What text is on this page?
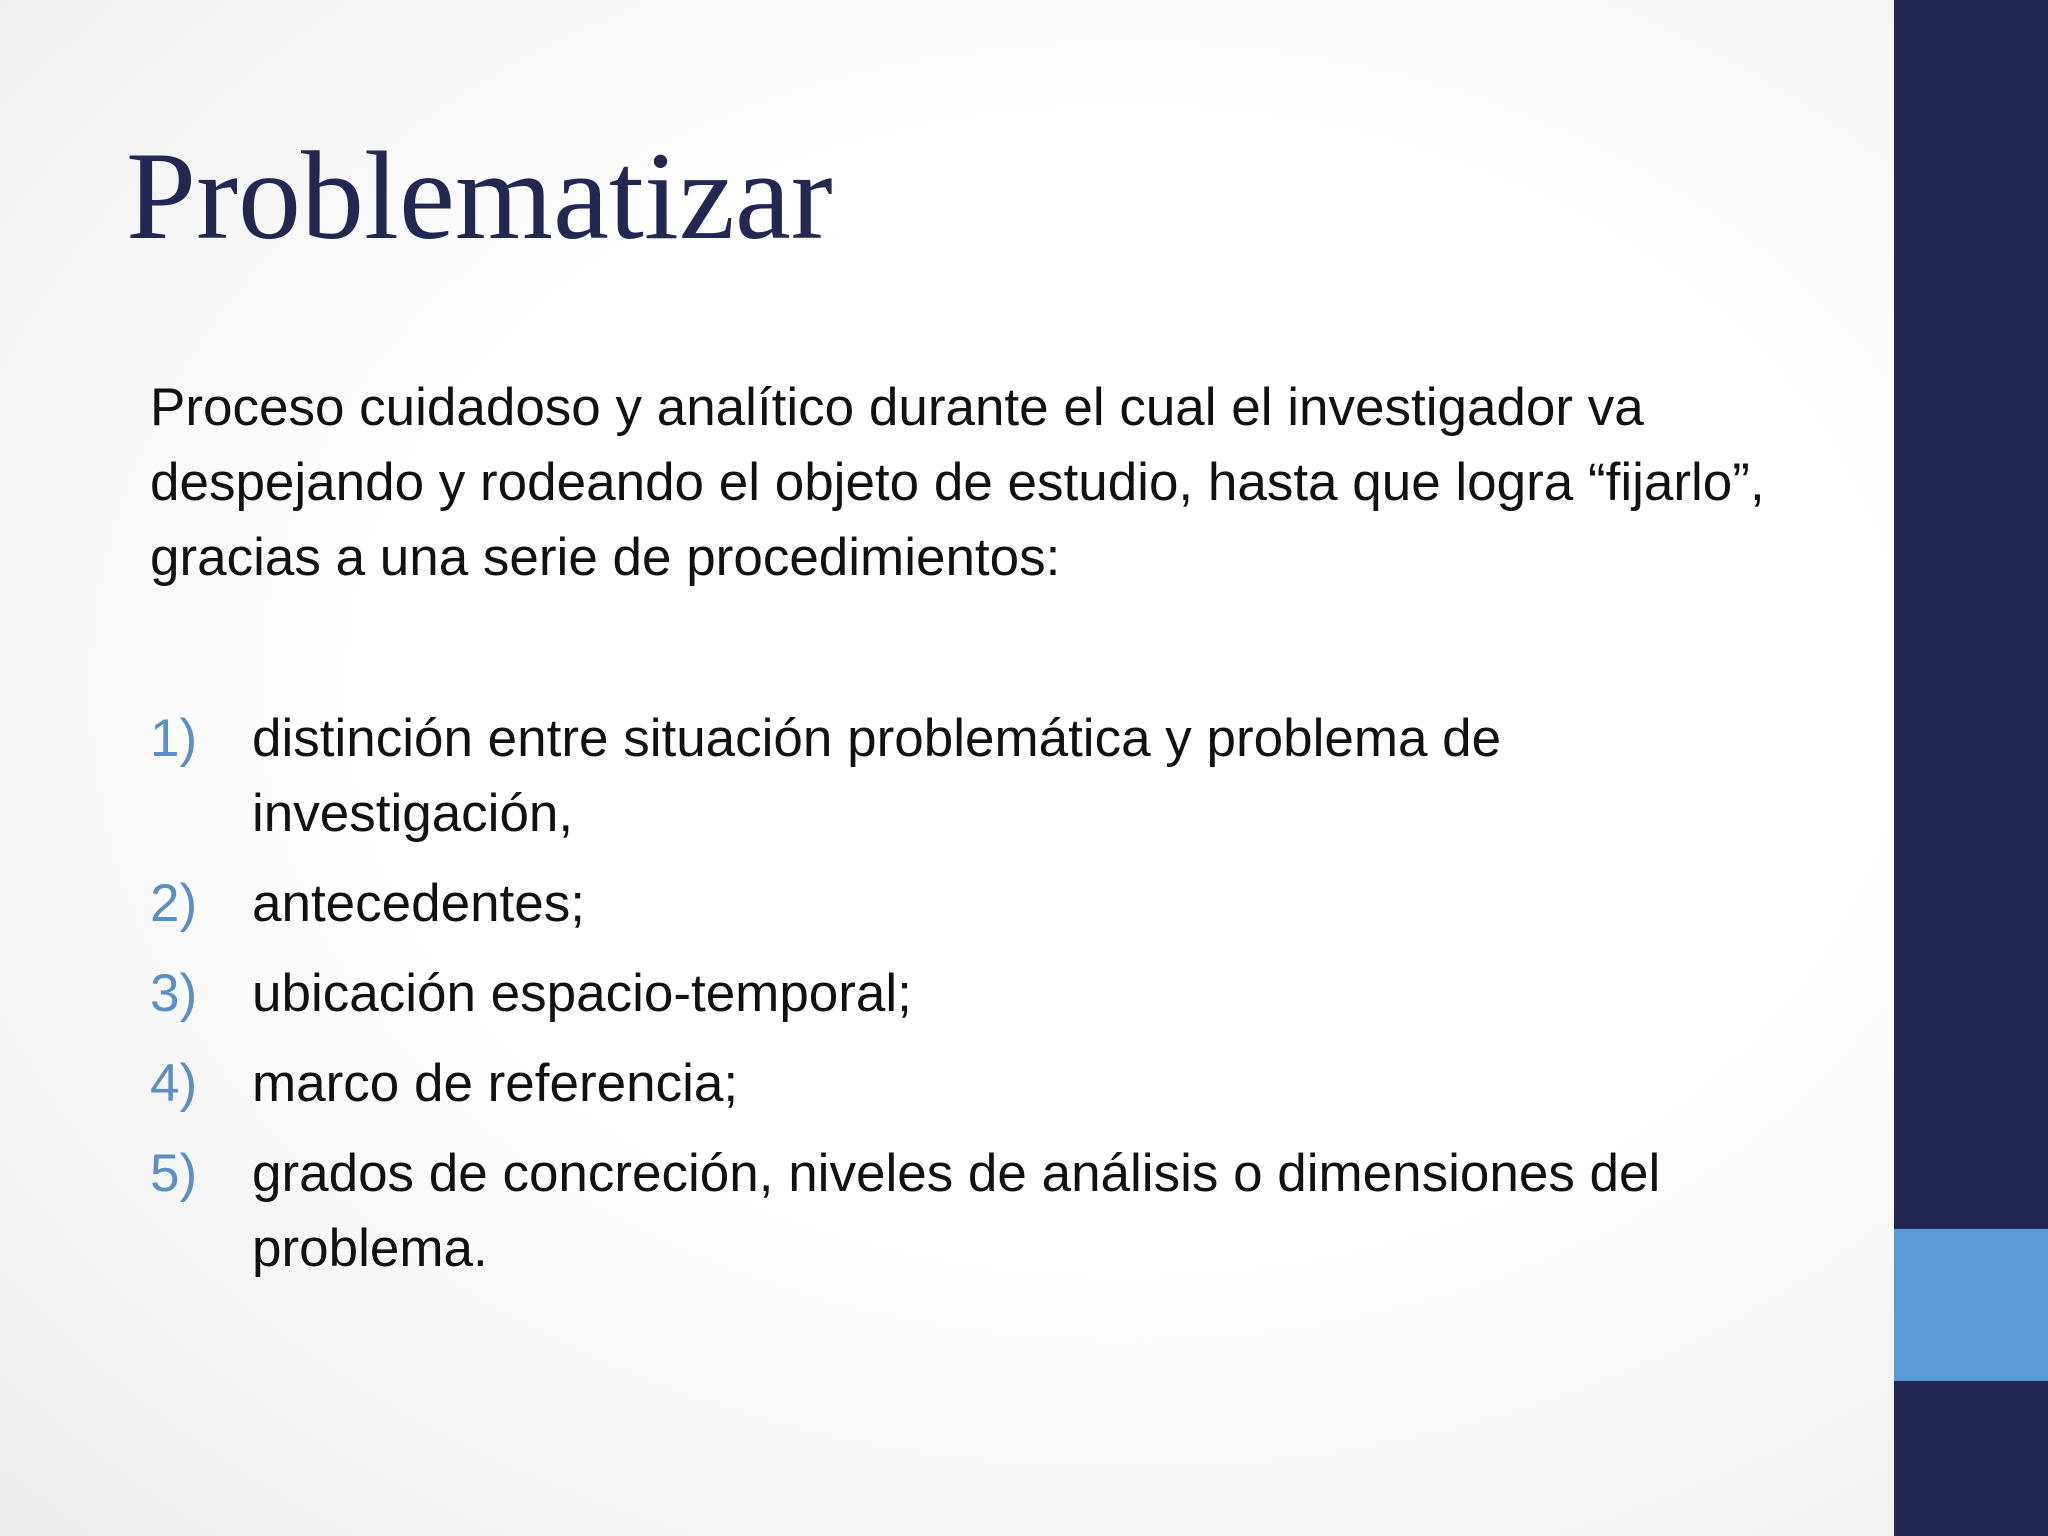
Problematizar

Proceso cuidadoso y analítico durante el cual el investigador va despejando y rodeando el objeto de estudio, hasta que logra “fijarlo”, gracias a una serie de procedimientos:

1)	distinción entre situación problemática y problema de investigación,
2)	antecedentes;
3)	ubicación espacio-temporal;
4)	marco de referencia;
5)	grados de concreción, niveles de análisis o dimensiones del problema.
